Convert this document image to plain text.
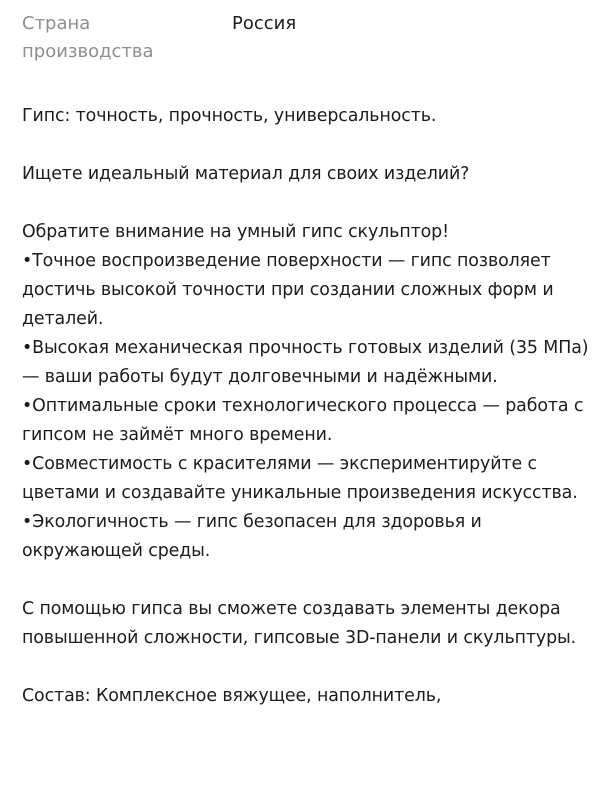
Страна производства
Россия

Гипс: точность, прочность, универсальность.

Ищете идеальный материал для своих изделий?

Обратите внимание на умный гипс скульптор!
•Точное воспроизведение поверхности — гипс позволяет достичь высокой точности при создании сложных форм и деталей.
•Высокая механическая прочность готовых изделий (35 МПа) — ваши работы будут долговечными и надёжными.
•Оптимальные сроки технологического процесса — работа с гипсом не займёт много времени.
•Совместимость с красителями — экспериментируйте с цветами и создавайте уникальные произведения искусства.
•Экологичность — гипс безопасен для здоровья и окружающей среды.

С помощью гипса вы сможете создавать элементы декора повышенной сложности, гипсовые 3D-панели и скульптуры.

Состав: Комплексное вяжущее, наполнитель,
